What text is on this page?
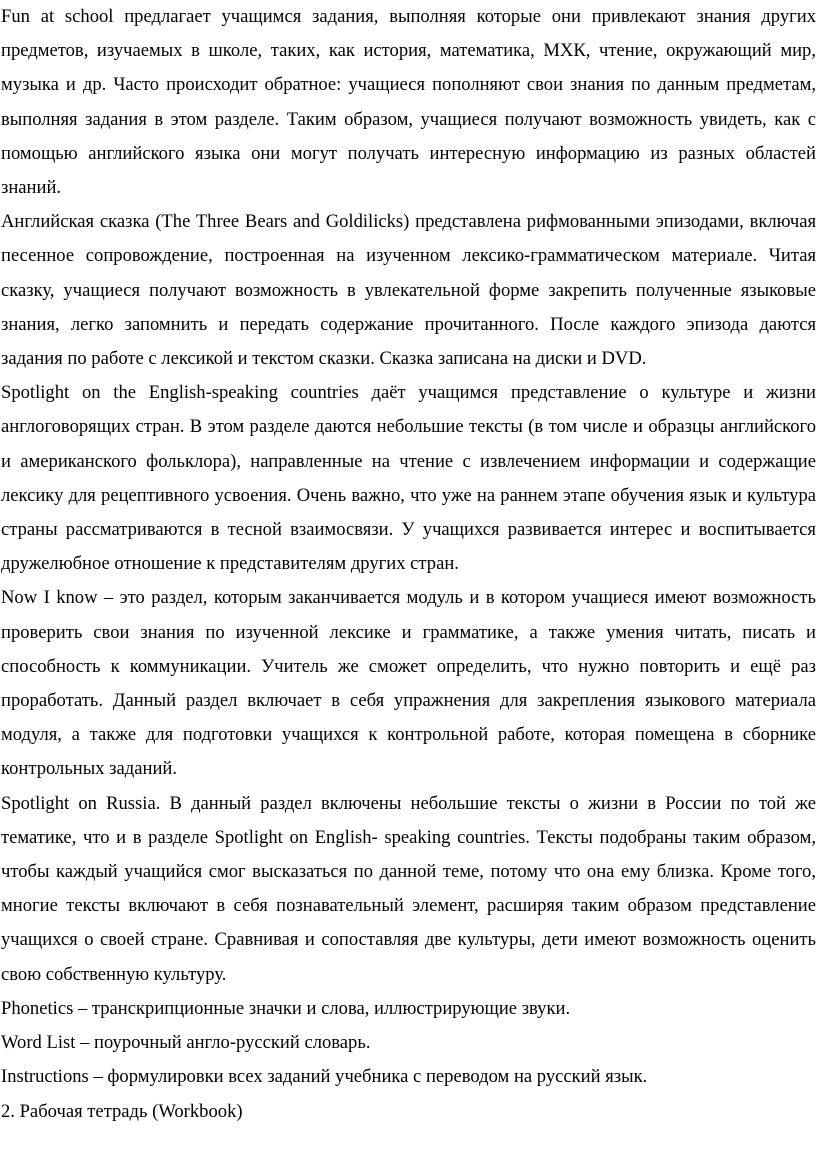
Fun at school предлагает учащимся задания, выполняя которые они привлекают знания других предметов, изучаемых в школе, таких, как история, математика, МХК, чтение, окружающий мир, музыка и др. Часто происходит обратное: учащиеся пополняют свои знания по данным предметам, выполняя задания в этом разделе. Таким образом, учащиеся получают возможность увидеть, как с помощью английского языка они могут получать интересную информацию из разных областей знаний.

Английская сказка (The Three Bears and Goldilicks) представлена рифмованными эпизодами, включая песенное сопровождение, построенная на изученном лексико-грамматическом материале. Читая сказку, учащиеся получают возможность в увлекательной форме закрепить полученные языковые знания, легко запомнить и передать содержание прочитанного. После каждого эпизода даются задания по работе с лексикой и текстом сказки. Сказка записана на диски и DVD.

Spotlight on the English-speaking countries даёт учащимся представление о культуре и жизни англоговорящих стран. В этом разделе даются небольшие тексты (в том числе и образцы английского и американского фольклора), направленные на чтение с извлечением информации и содержащие лексику для рецептивного усвоения. Очень важно, что уже на раннем этапе обучения язык и культура страны рассматриваются в тесной взаимосвязи. У учащихся развивается интерес и воспитывается дружелюбное отношение к представителям других стран.

Now I know – это раздел, которым заканчивается модуль и в котором учащиеся имеют возможность проверить свои знания по изученной лексике и грамматике, а также умения читать, писать и способность к коммуникации. Учитель же сможет определить, что нужно повторить и ещё раз проработать. Данный раздел включает в себя упражнения для закрепления языкового материала модуля, а также для подготовки учащихся к контрольной работе, которая помещена в сборнике контрольных заданий.

Spotlight on Russia. В данный раздел включены небольшие тексты о жизни в России по той же тематике, что и в разделе Spotlight on English- speaking countries. Тексты подобраны таким образом, чтобы каждый учащийся смог высказаться по данной теме, потому что она ему близка. Кроме того, многие тексты включают в себя познавательный элемент, расширяя таким образом представление учащихся о своей стране. Сравнивая и сопоставляя две культуры, дети имеют возможность оценить свою собственную культуру.

Phonetics – транскрипционные значки и слова, иллюстрирующие звуки.

Word List – поурочный англо-русский словарь.

Instructions – формулировки всех заданий учебника с переводом на русский язык.

2. Рабочая тетрадь (Workbook)
